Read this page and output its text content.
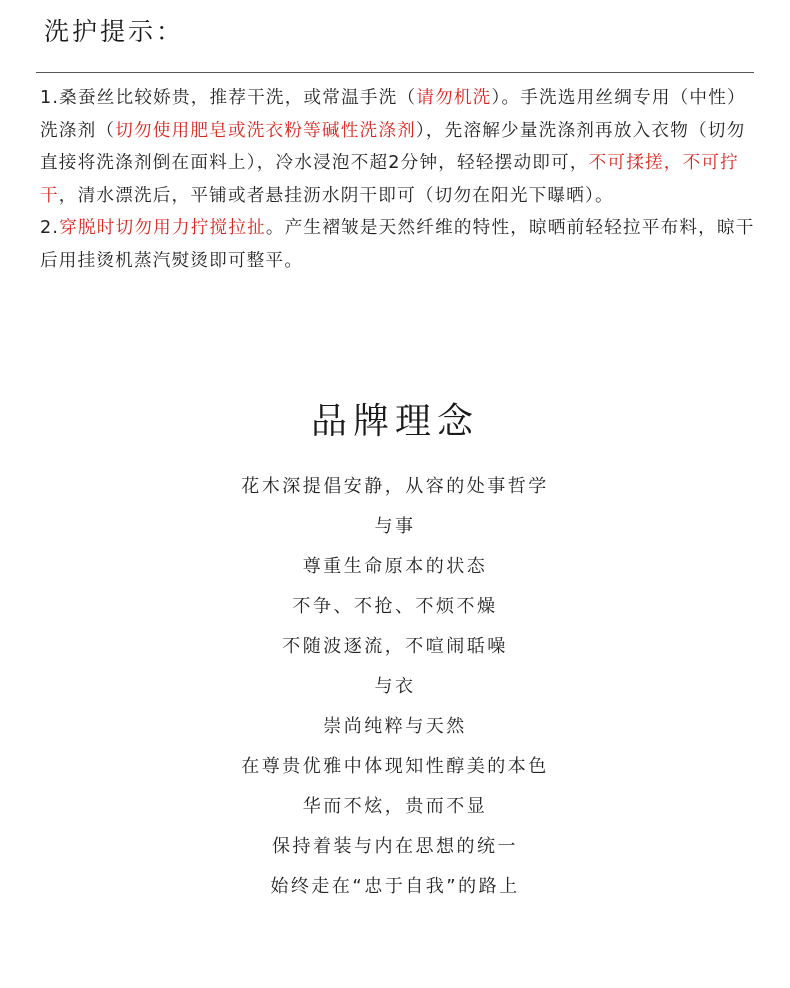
洗护提示：

1.桑蚕丝比较娇贵，推荐干洗，或常温手洗（请勿机洗）。手洗选用丝绸专用（中性）洗涤剂（切勿使用肥皂或洗衣粉等碱性洗涤剂），先溶解少量洗涤剂再放入衣物（切勿直接将洗涤剂倒在面料上），冷水浸泡不超2分钟，轻轻摆动即可，不可揉搓，不可拧干，清水漂洗后，平铺或者悬挂沥水阴干即可（切勿在阳光下曝晒）。

2.穿脱时切勿用力拧搅拉扯。产生褶皱是天然纤维的特性，晾晒前轻轻拉平布料，晾干后用挂烫机蒸汽熨烫即可整平。

品牌理念
花木深提倡安静，从容的处事哲学
与事
尊重生命原本的状态
不争、不抢、不烦不燥
不随波逐流，不喧闹聒噪
与衣
崇尚纯粹与天然
在尊贵优雅中体现知性醇美的本色
华而不炫，贵而不显
保持着装与内在思想的统一
始终走在“忠于自我”的路上
